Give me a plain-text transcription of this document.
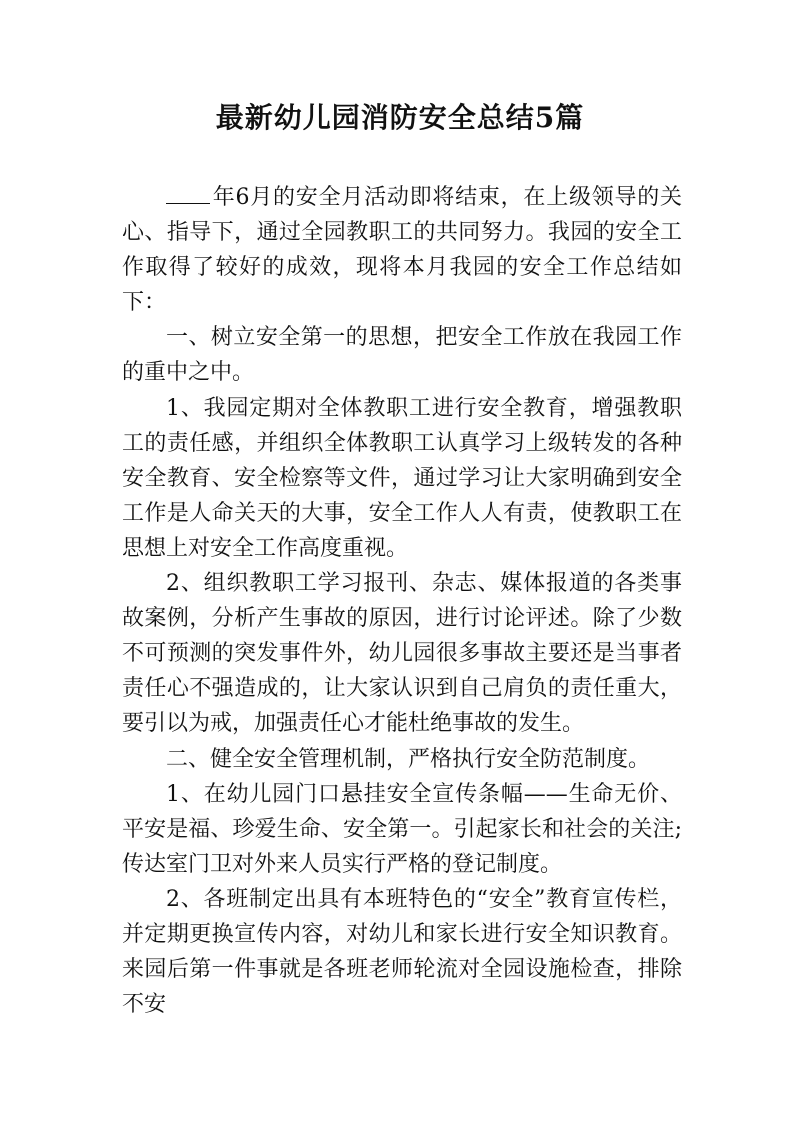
最新幼儿园消防安全总结5篇

年6月的安全月活动即将结束，在上级领导的关心、指导下，通过全园教职工的共同努力。我园的安全工作取得了较好的成效，现将本月我园的安全工作总结如下：

一、树立安全第一的思想，把安全工作放在我园工作的重中之中。

1、我园定期对全体教职工进行安全教育，增强教职工的责任感，并组织全体教职工认真学习上级转发的各种安全教育、安全检察等文件，通过学习让大家明确到安全工作是人命关天的大事，安全工作人人有责，使教职工在思想上对安全工作高度重视。

2、组织教职工学习报刊、杂志、媒体报道的各类事故案例，分析产生事故的原因，进行讨论评述。除了少数不可预测的突发事件外，幼儿园很多事故主要还是当事者责任心不强造成的，让大家认识到自己肩负的责任重大，要引以为戒，加强责任心才能杜绝事故的发生。

二、健全安全管理机制，严格执行安全防范制度。

1、在幼儿园门口悬挂安全宣传条幅——生命无价、平安是福、珍爱生命、安全第一。引起家长和社会的关注;传达室门卫对外来人员实行严格的登记制度。

2、各班制定出具有本班特色的“安全”教育宣传栏，并定期更换宣传内容，对幼儿和家长进行安全知识教育。来园后第一件事就是各班老师轮流对全园设施检查，排除不安
